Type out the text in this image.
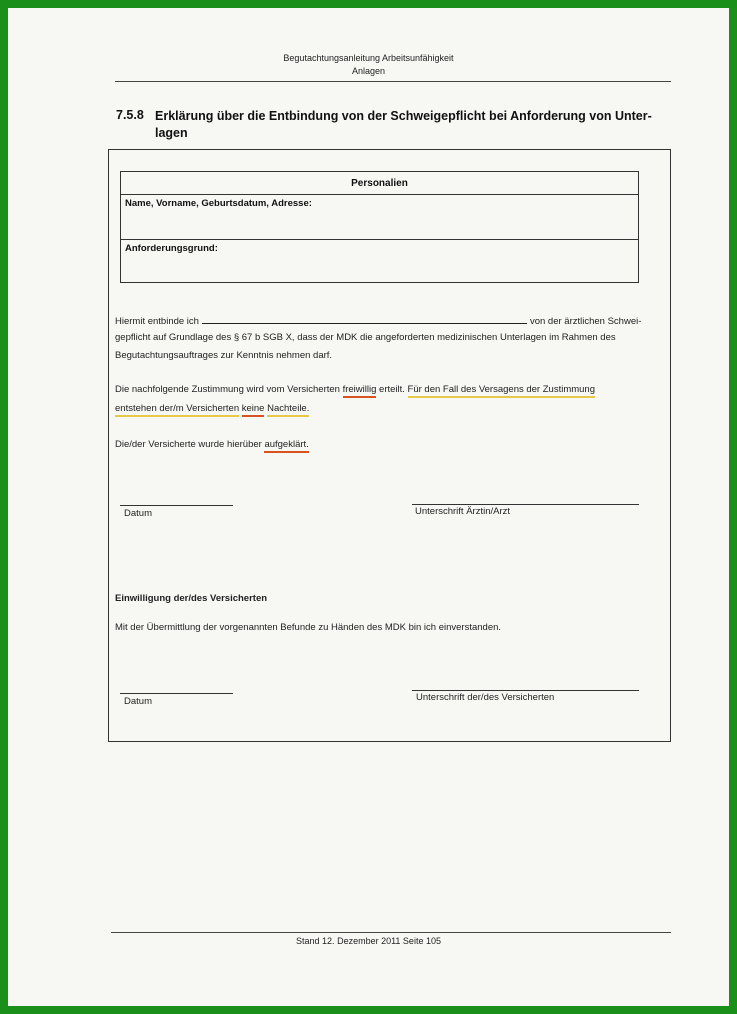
Begutachtungsanleitung Arbeitsunfähigkeit
Anlagen
7.5.8 Erklärung über die Entbindung von der Schweigepflicht bei Anforderung von Unter-lagen
Personalien
Name, Vorname, Geburtsdatum, Adresse:
Anforderungsgrund:
Hiermit entbinde ich	von der ärztlichen Schwei-
gepflicht auf Grundlage des § 67 b SGB X, dass der MDK die angeforderten medizinischen Unterlagen im Rahmen des
Begutachtungsauftrages zur Kenntnis nehmen darf.
Die nachfolgende Zustimmung wird vom Versicherten freiwillig erteilt. Für den Fall des Versagens der Zustimmung
entstehen der/m Versicherten keine Nachteile.
Die/der Versicherte wurde hierüber aufgeklärt.
Datum	Unterschrift Ärztin/Arzt
Einwilligung der/des Versicherten
Mit der Übermittlung der vorgenannten Befunde zu Händen des MDK bin ich einverstanden.
Datum	Unterschrift der/des Versicherten
Stand 12. Dezember 2011 Seite 105
